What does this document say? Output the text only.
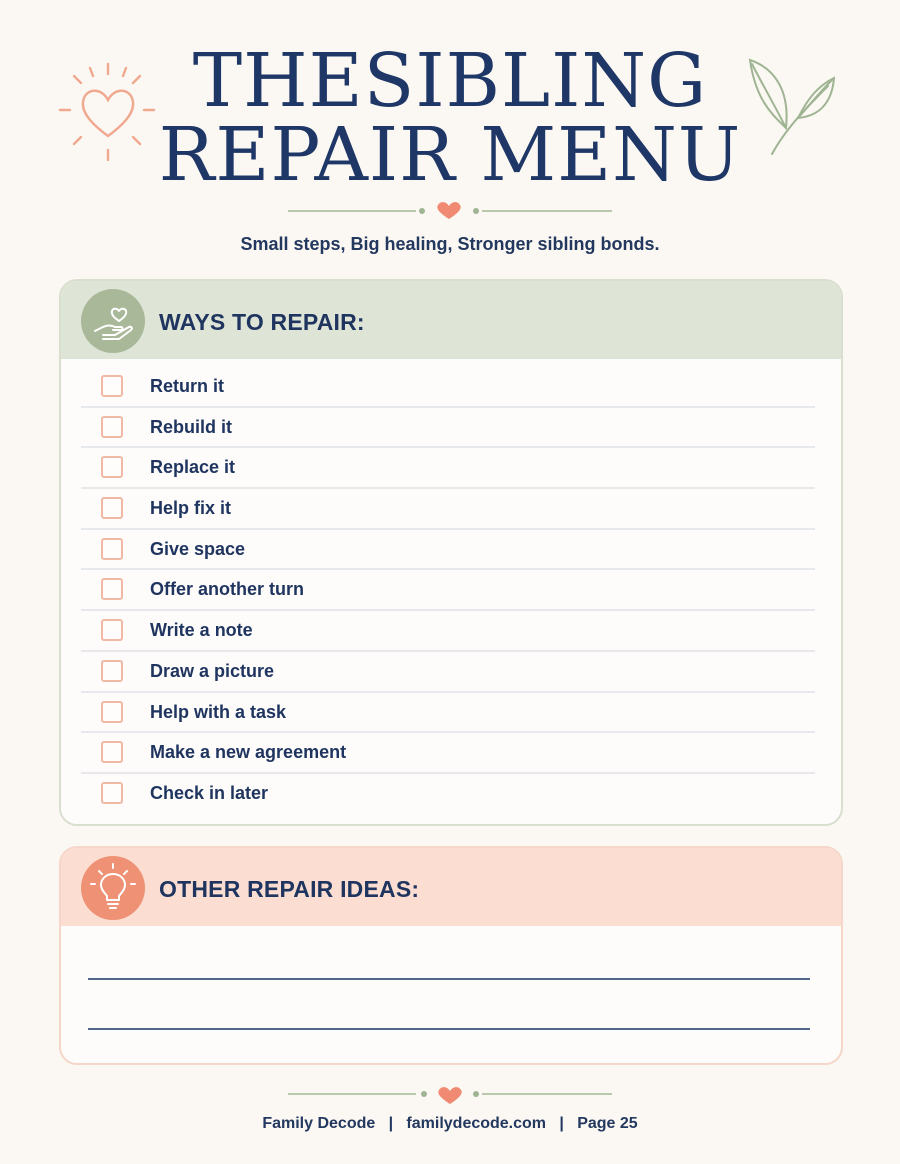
THESIBLING
REPAIR MENU
Small steps, Big healing, Stronger sibling bonds.
WAYS TO REPAIR:
Return it
Rebuild it
Replace it
Help fix it
Give space
Offer another turn
Write a note
Draw a picture
Help with a task
Make a new agreement
Check in later
OTHER REPAIR IDEAS:
Family Decode   |   familydecode.com   |   Page 25
